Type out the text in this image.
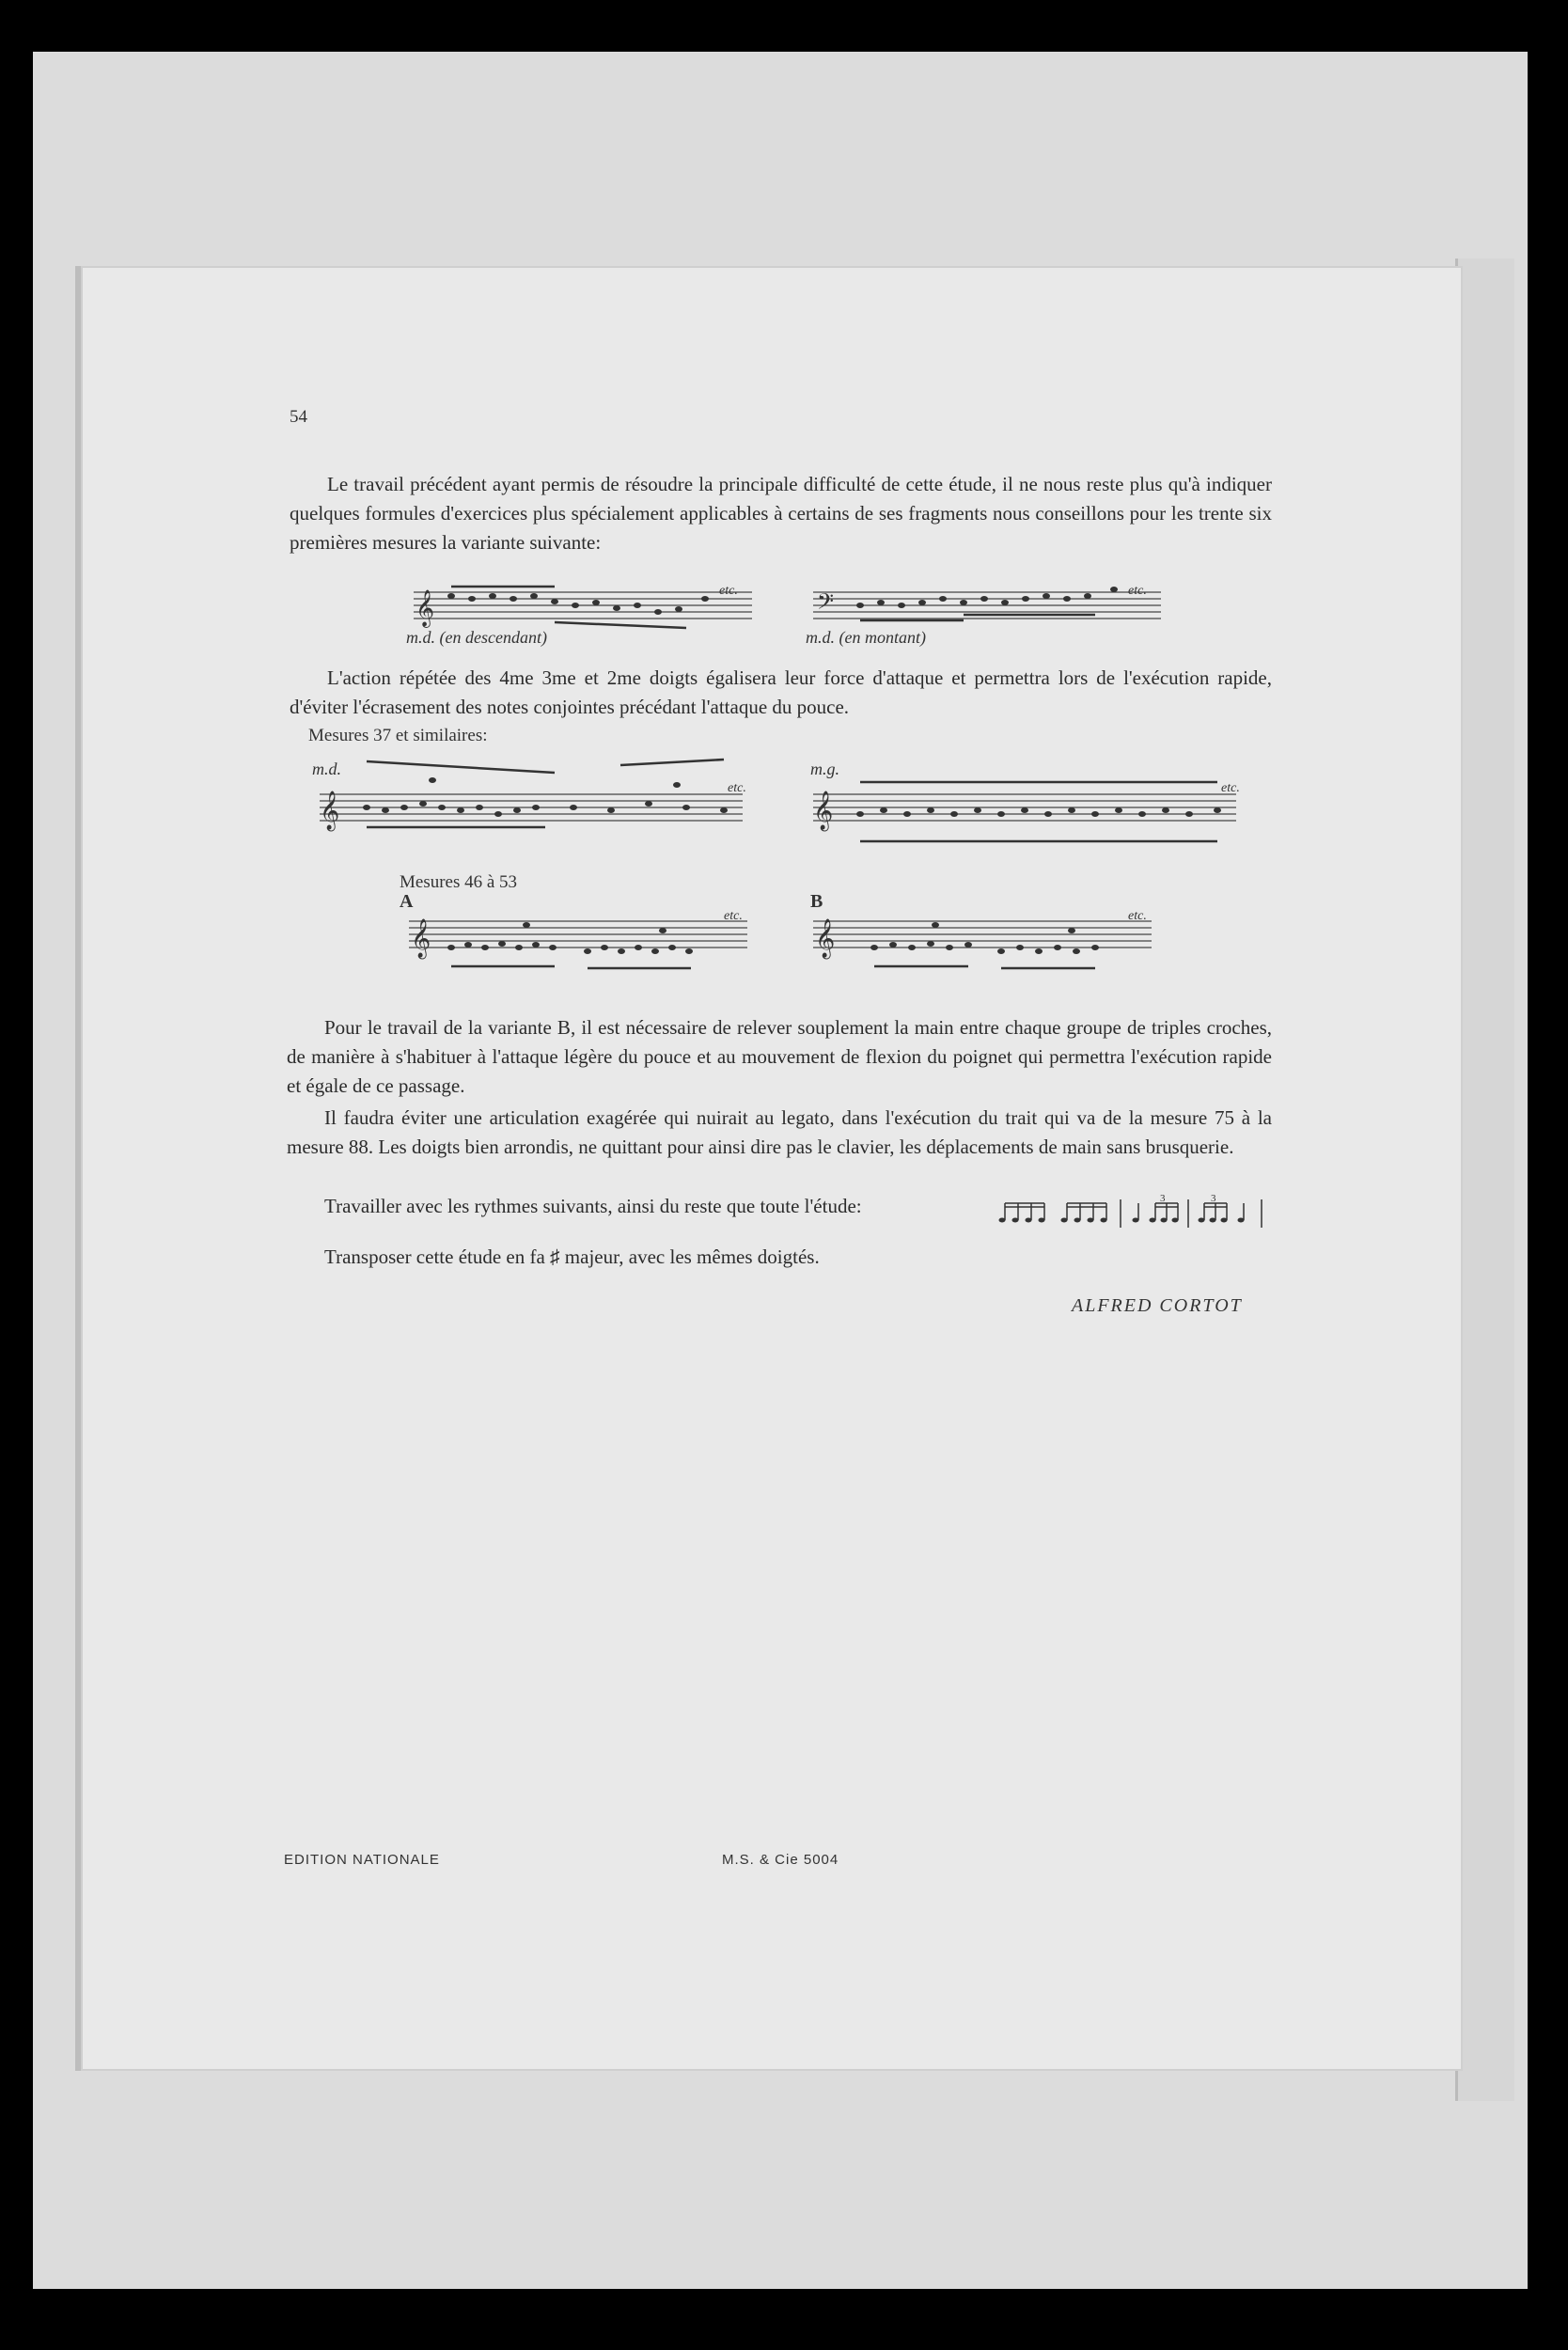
54

Le travail précédent ayant permis de résoudre la principale difficulté de cette étude, il ne nous reste plus qu'à indiquer quelques formules d'exercices plus spécialement applicables à certains de ses fragments nous conseillons pour les trente six premières mesures la variante suivante:

𝄞	etc.
m.d. (en descendant)
𝄢	etc.
m.d. (en montant)

L'action répétée des 4me 3me et 2me doigts égalisera leur force d'attaque et permettra lors de l'exécution rapide, d'éviter l'écrasement des notes conjointes précédant l'attaque du pouce.

Mesures 37 et similaires:
𝄞
etc.
m.d.
𝄞
etc.
m.g.
Mesures 46 à 53
A	B
𝄞
etc.
𝄞
etc.

Pour le travail de la variante B, il est nécessaire de relever souplement la main entre chaque groupe de triples croches, de manière à s'habituer à l'attaque légère du pouce et au mouvement de flexion du poignet qui permettra l'exécution rapide et égale de ce passage.

Il faudra éviter une articulation exagérée qui nuirait au legato, dans l'exécution du trait qui va de la mesure 75 à la mesure 88. Les doigts bien arrondis, ne quittant pour ainsi dire pas le clavier, les déplacements de main sans brusquerie.

Travailler avec les rythmes suivants, ainsi du reste que toute l'étude:	3	3

Transposer cette étude en fa ♯ majeur, avec les mêmes doigtés.

ALFRED CORTOT
EDITION NATIONALE	M.S. & Cie 5004
